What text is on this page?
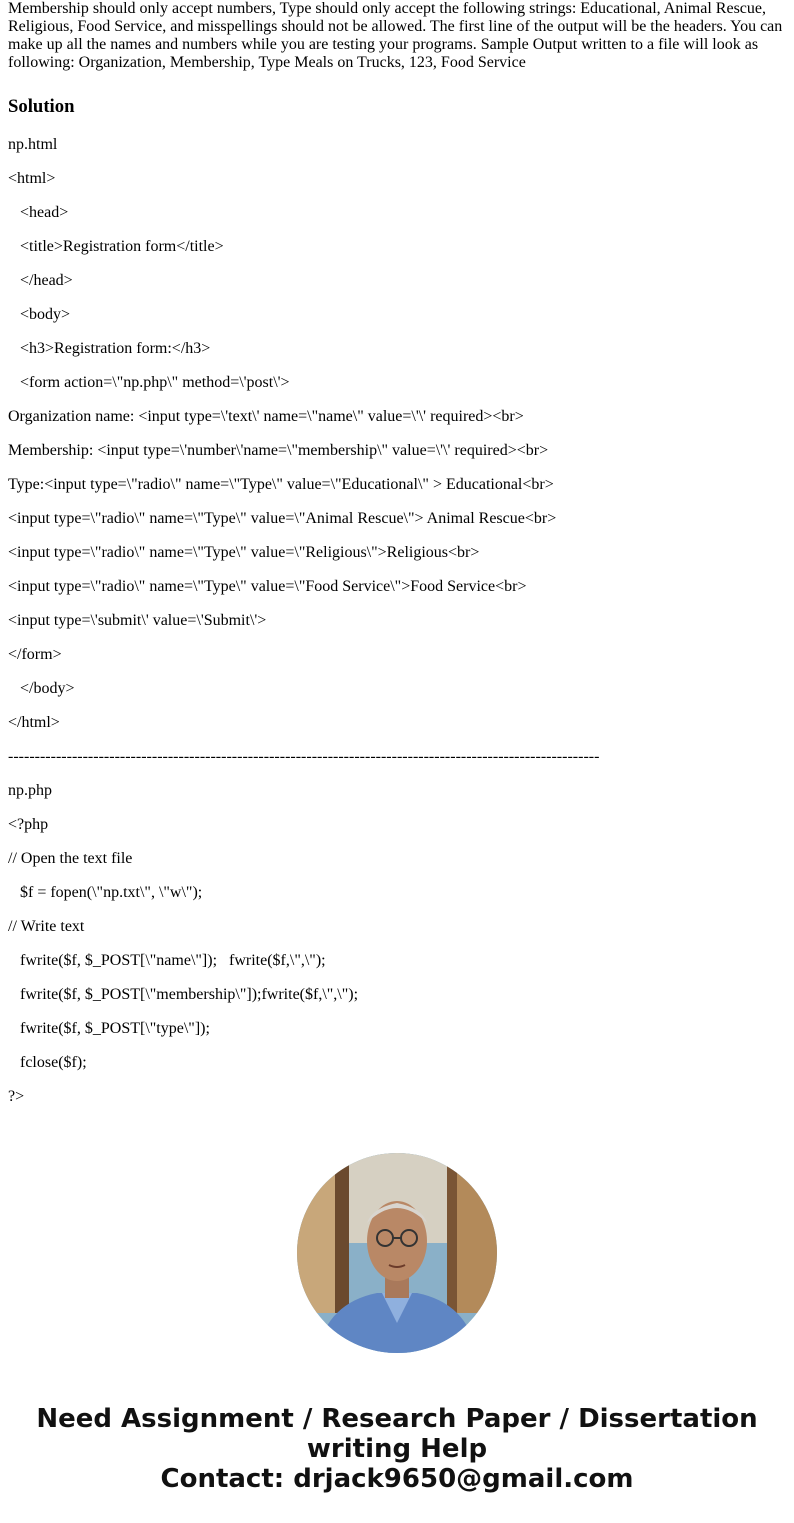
Membership should only accept numbers, Type should only accept the following strings: Educational, Animal Rescue, Religious, Food Service, and misspellings should not be allowed. The first line of the output will be the headers. You can make up all the names and numbers while you are testing your programs. Sample Output written to a file will look as following: Organization, Membership, Type Meals on Trucks, 123, Food Service

Solution
np.html
<html>
<head>
<title>Registration form</title>
</head>
<body>
<h3>Registration form:</h3>
<form action=\"np.php\" method=\'post\'>
Organization name: <input type=\'text\' name=\"name\" value=\'\' required><br>
Membership: <input type=\'number\'name=\"membership\" value=\'\' required><br>
Type:<input type=\"radio\" name=\"Type\" value=\"Educational\" > Educational<br>
<input type=\"radio\" name=\"Type\" value=\"Animal Rescue\"> Animal Rescue<br>
<input type=\"radio\" name=\"Type\" value=\"Religious\">Religious<br>
<input type=\"radio\" name=\"Type\" value=\"Food Service\">Food Service<br>
<input type=\'submit\' value=\'Submit\'>
</form>
</body>
</html>
---------------------------------------------------------------------------------------------------------------
np.php
<?php
// Open the text file
$f = fopen(\"np.txt\", \"w\");
// Write text
fwrite($f, $_POST[\"name\"]);   fwrite($f,\",\");
fwrite($f, $_POST[\"membership\"]);fwrite($f,\",\");
fwrite($f, $_POST[\"type\"]);
fclose($f);
?>
Need Assignment / Research Paper / Dissertation
writing Help
Contact: drjack9650@gmail.com
